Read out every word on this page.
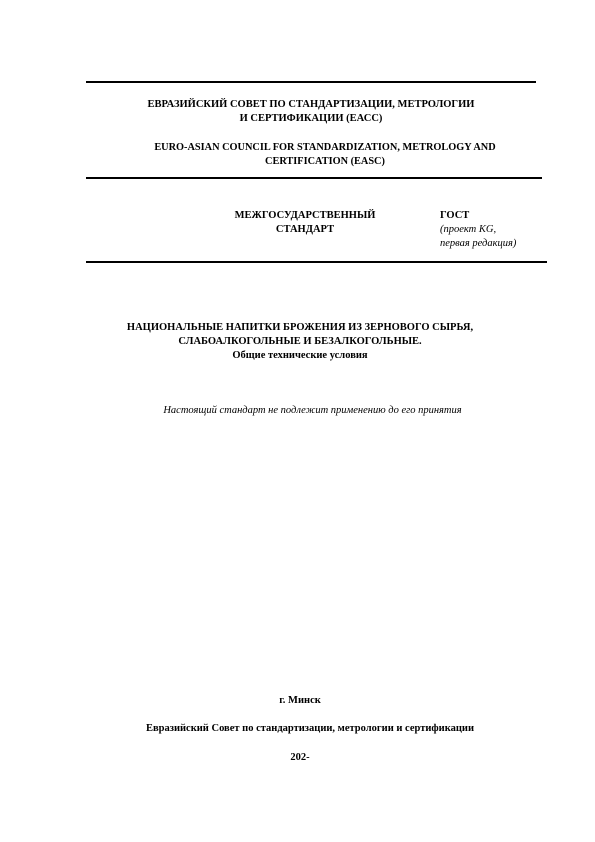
ЕВРАЗИЙСКИЙ СОВЕТ ПО СТАНДАРТИЗАЦИИ, МЕТРОЛОГИИ
И СЕРТИФИКАЦИИ (ЕАСС)
EURO-ASIAN COUNCIL FOR STANDARDIZATION, METROLOGY AND
CERTIFICATION (EASC)
МЕЖГОСУДАРСТВЕННЫЙ
СТАНДАРТ
ГОСТ
(проект KG,
первая редакция)
НАЦИОНАЛЬНЫЕ НАПИТКИ БРОЖЕНИЯ ИЗ ЗЕРНОВОГО СЫРЬЯ,
СЛАБОАЛКОГОЛЬНЫЕ И БЕЗАЛКОГОЛЬНЫЕ.
Общие технические условия
Настоящий стандарт не подлежит применению до его принятия
г. Минск
Евразийский Совет по стандартизации, метрологии и сертификации
202-
